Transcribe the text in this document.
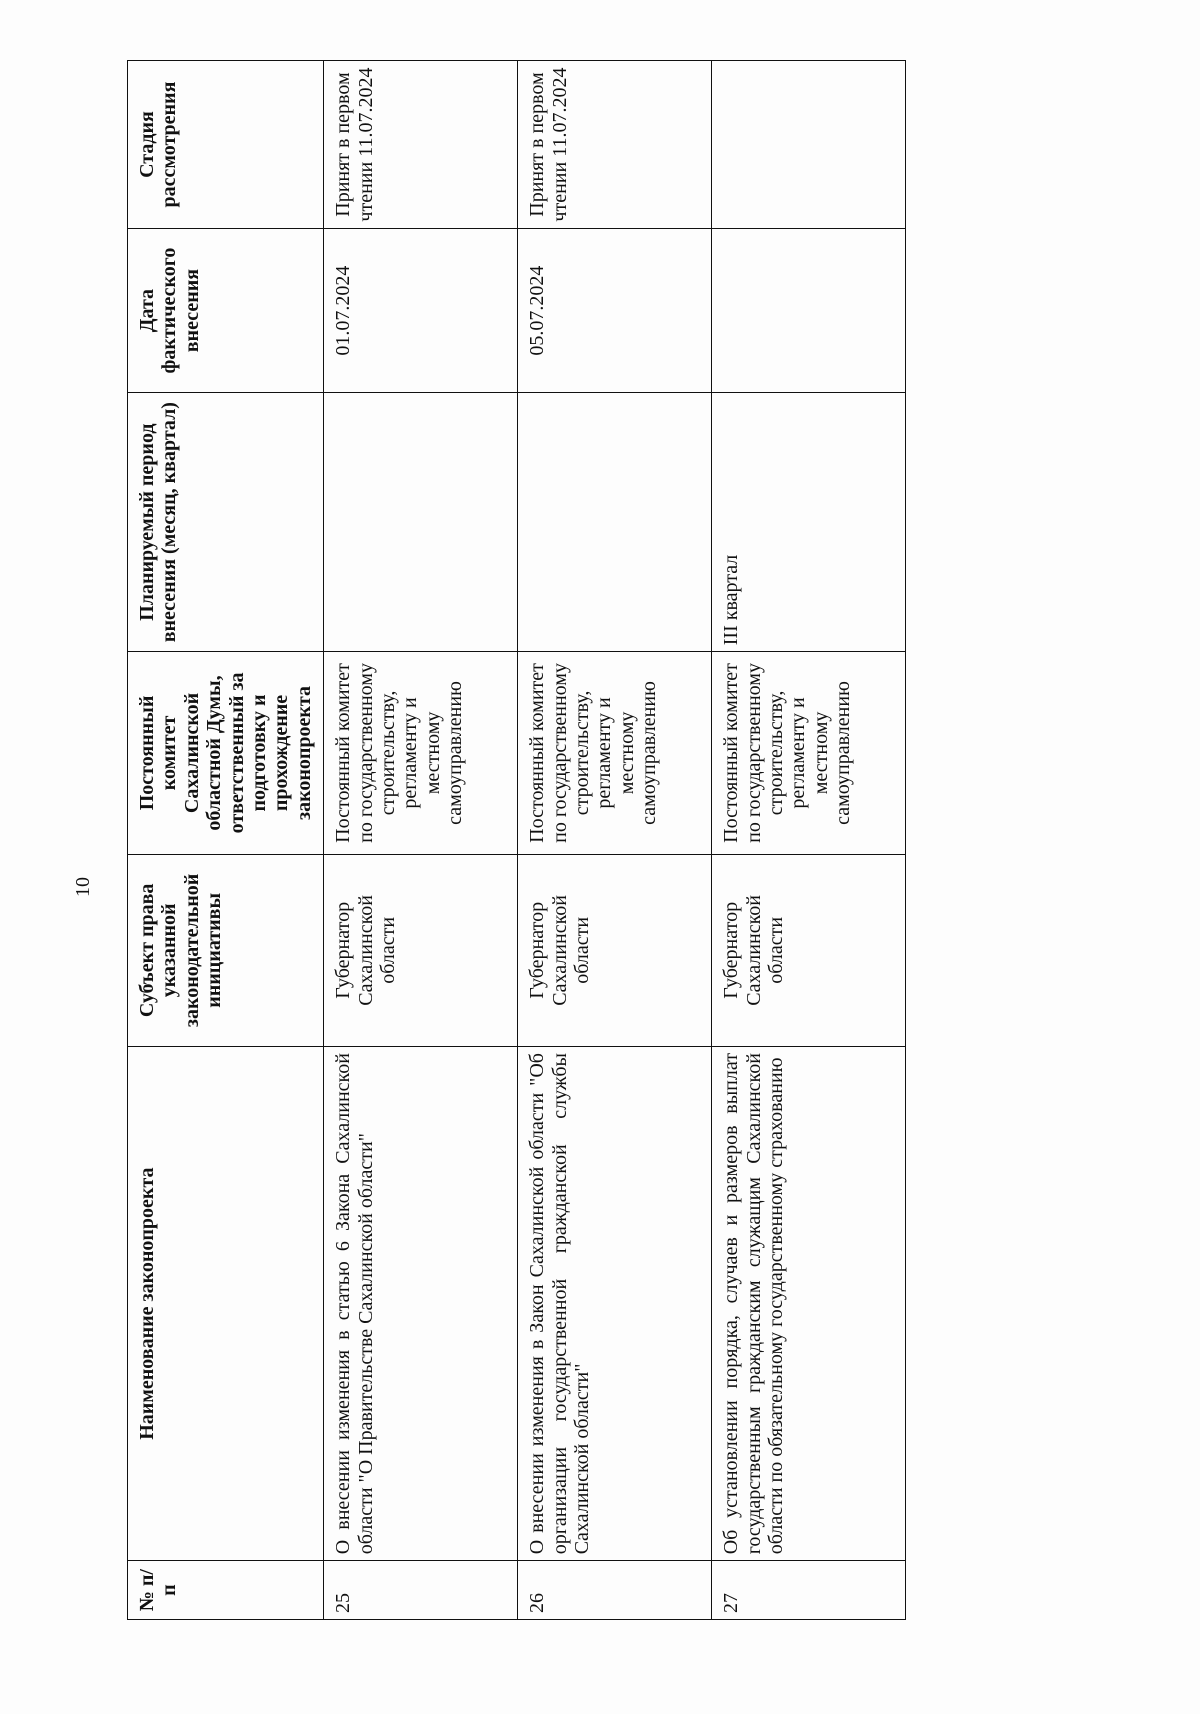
10
№ п/п	Наименование законопроекта	Субъект права указанной законодательной инициативы	Постоянный комитет Сахалинской областной Думы, ответственный за подготовку и прохождение законопроекта	Планируемый период внесения (месяц, квартал)	Дата фактического внесения	Стадия рассмотрения
25	О внесении изменения в статью 6 Закона Сахалинской области "О Правительстве Сахалинской области"	Губернатор Сахалинской области	Постоянный комитет по государственному строительству, регламенту и местному самоуправлению		01.07.2024	Принят в первом чтении 11.07.2024
26	О внесении изменения в Закон Сахалинской области "Об организации государственной гражданской службы Сахалинской области"	Губернатор Сахалинской области	Постоянный комитет по государственному строительству, регламенту и местному самоуправлению		05.07.2024	Принят в первом чтении 11.07.2024
27	Об установлении порядка, случаев и размеров выплат государственным гражданским служащим Сахалинской области по обязательному государственному страхованию	Губернатор Сахалинской области	Постоянный комитет по государственному строительству, регламенту и местному самоуправлению	III квартал		
